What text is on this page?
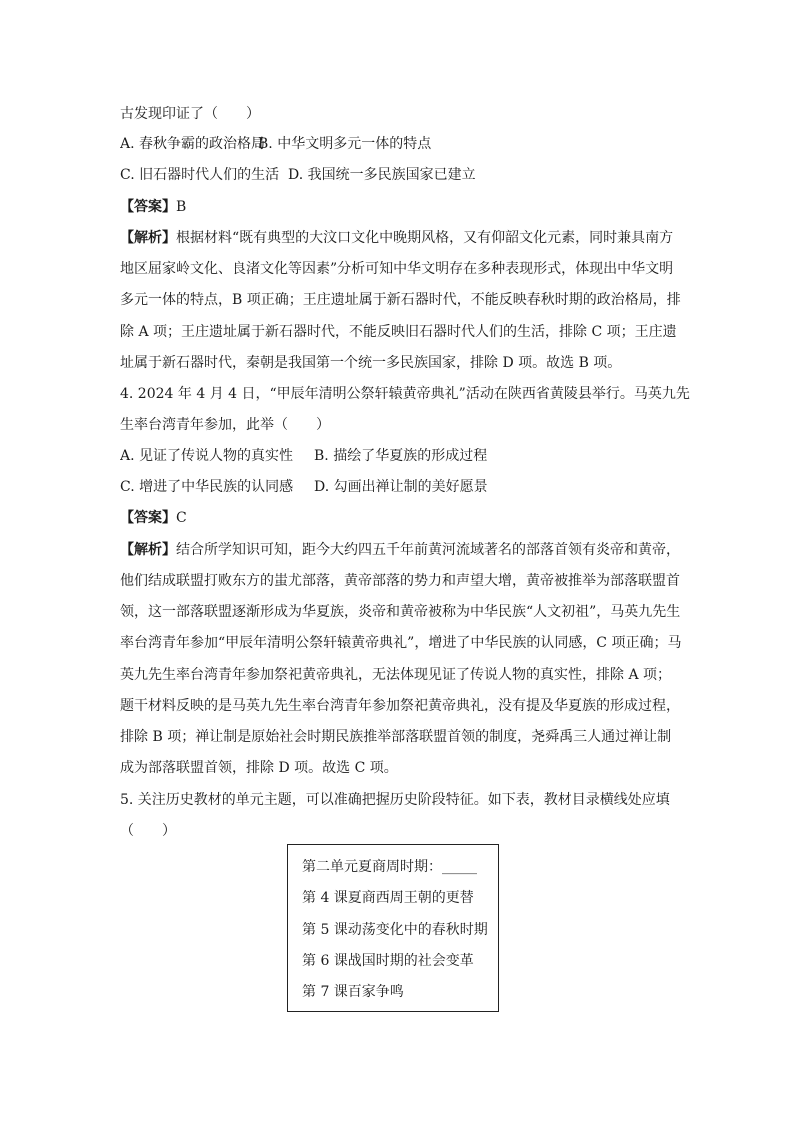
古发现印证了（　　）
A. 春秋争霸的政治格局
B. 中华文明多元一体的特点
C. 旧石器时代人们的生活 D. 我国统一多民族国家已建立
【答案】B
【解析】根据材料“既有典型的大汶口文化中晚期风格，又有仰韶文化元素，同时兼具南方
地区屈家岭文化、良渚文化等因素”分析可知中华文明存在多种表现形式，体现出中华文明
多元一体的特点，B 项正确；王庄遗址属于新石器时代，不能反映春秋时期的政治格局，排
除 A 项；王庄遗址属于新石器时代，不能反映旧石器时代人们的生活，排除 C 项；王庄遗
址属于新石器时代，秦朝是我国第一个统一多民族国家，排除 D 项。故选 B 项。
4. 2024 年 4 月 4 日，“甲辰年清明公祭轩辕黄帝典礼”活动在陕西省黄陵县举行。马英九先
生率台湾青年参加，此举（　　）
A. 见证了传说人物的真实性	B. 描绘了华夏族的形成过程
C. 增进了中华民族的认同感	D. 勾画出禅让制的美好愿景
【答案】C
【解析】结合所学知识可知，距今大约四五千年前黄河流域著名的部落首领有炎帝和黄帝，
他们结成联盟打败东方的蚩尤部落，黄帝部落的势力和声望大增，黄帝被推举为部落联盟首
领，这一部落联盟逐渐形成为华夏族，炎帝和黄帝被称为中华民族“人文初祖”，马英九先生
率台湾青年参加“甲辰年清明公祭轩辕黄帝典礼”，增进了中华民族的认同感，C 项正确；马
英九先生率台湾青年参加祭祀黄帝典礼，无法体现见证了传说人物的真实性，排除 A 项；
题干材料反映的是马英九先生率台湾青年参加祭祀黄帝典礼，没有提及华夏族的形成过程，
排除 B 项；禅让制是原始社会时期民族推举部落联盟首领的制度，尧舜禹三人通过禅让制
成为部落联盟首领，排除 D 项。故选 C 项。
5. 关注历史教材的单元主题，可以准确把握历史阶段特征。如下表，教材目录横线处应填
（　　）
第二单元夏商周时期：_____
第 4 课夏商西周王朝的更替
第 5 课动荡变化中的春秋时期
第 6 课战国时期的社会变革
第 7 课百家争鸣
